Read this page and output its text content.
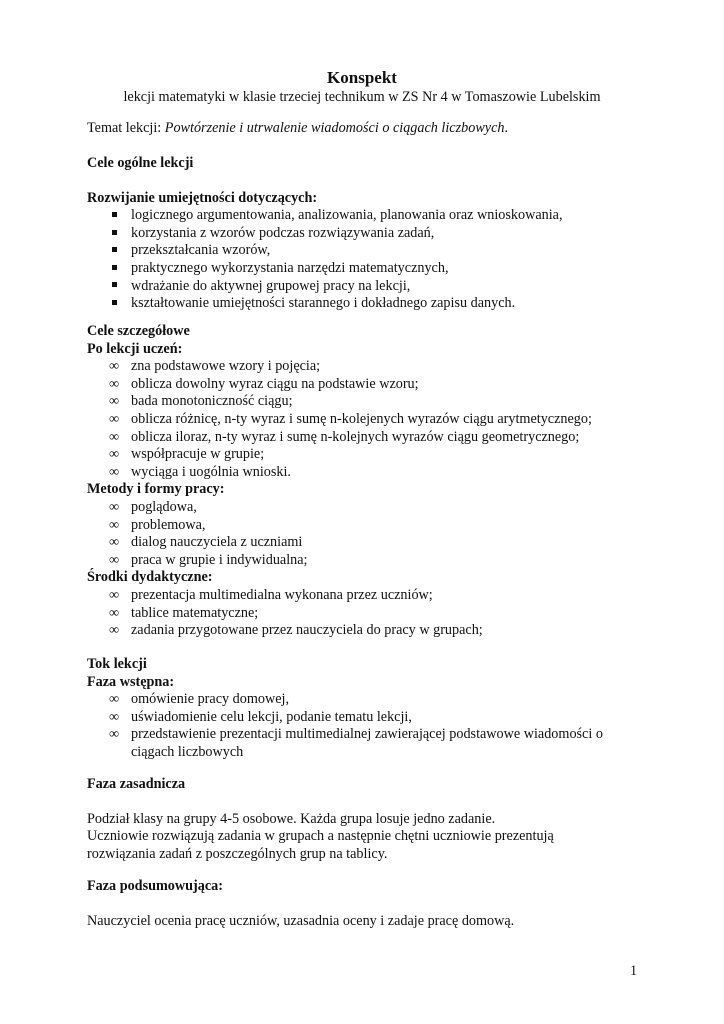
Konspekt
lekcji matematyki w klasie trzeciej technikum w ZS Nr 4 w Tomaszowie Lubelskim
Temat lekcji: Powtórzenie i utrwalenie wiadomości o ciągach liczbowych.
Cele ogólne lekcji
Rozwijanie umiejętności dotyczących:
logicznego argumentowania, analizowania, planowania oraz wnioskowania,
korzystania z wzorów podczas rozwiązywania zadań,
przekształcania wzorów,
praktycznego wykorzystania narzędzi matematycznych,
wdrażanie do aktywnej grupowej pracy na lekcji,
kształtowanie umiejętności starannego i dokładnego zapisu danych.
Cele szczegółowe
Po lekcji uczeń:
∞ zna podstawowe wzory i pojęcia;
∞ oblicza dowolny wyraz ciągu na podstawie wzoru;
∞ bada monotoniczność ciągu;
∞ oblicza różnicę, n-ty wyraz i sumę n-kolejenych wyrazów ciągu arytmetycznego;
∞ oblicza iloraz, n-ty wyraz i sumę n-kolejnych wyrazów ciągu geometrycznego;
∞ współpracuje w grupie;
∞ wyciąga i uogólnia wnioski.
Metody i formy pracy:
∞ poglądowa,
∞ problemowa,
∞ dialog nauczyciela z uczniami
∞ praca w grupie i indywidualna;
Środki dydaktyczne:
∞ prezentacja multimedialna wykonana przez uczniów;
∞ tablice matematyczne;
∞ zadania przygotowane przez nauczyciela do pracy w grupach;
Tok lekcji
Faza wstępna:
∞ omówienie pracy domowej,
∞ uświadomienie celu lekcji, podanie tematu lekcji,
∞ przedstawienie prezentacji multimedialnej zawierającej podstawowe wiadomości o ciągach liczbowych
Faza zasadnicza
Podział klasy na grupy 4-5 osobowe. Każda grupa losuje jedno zadanie.
Uczniowie rozwiązują zadania w grupach a następnie chętni uczniowie prezentują
rozwiązania zadań z poszczególnych grup na tablicy.
Faza podsumowująca:
Nauczyciel ocenia pracę uczniów, uzasadnia oceny i zadaje pracę domową.
1
